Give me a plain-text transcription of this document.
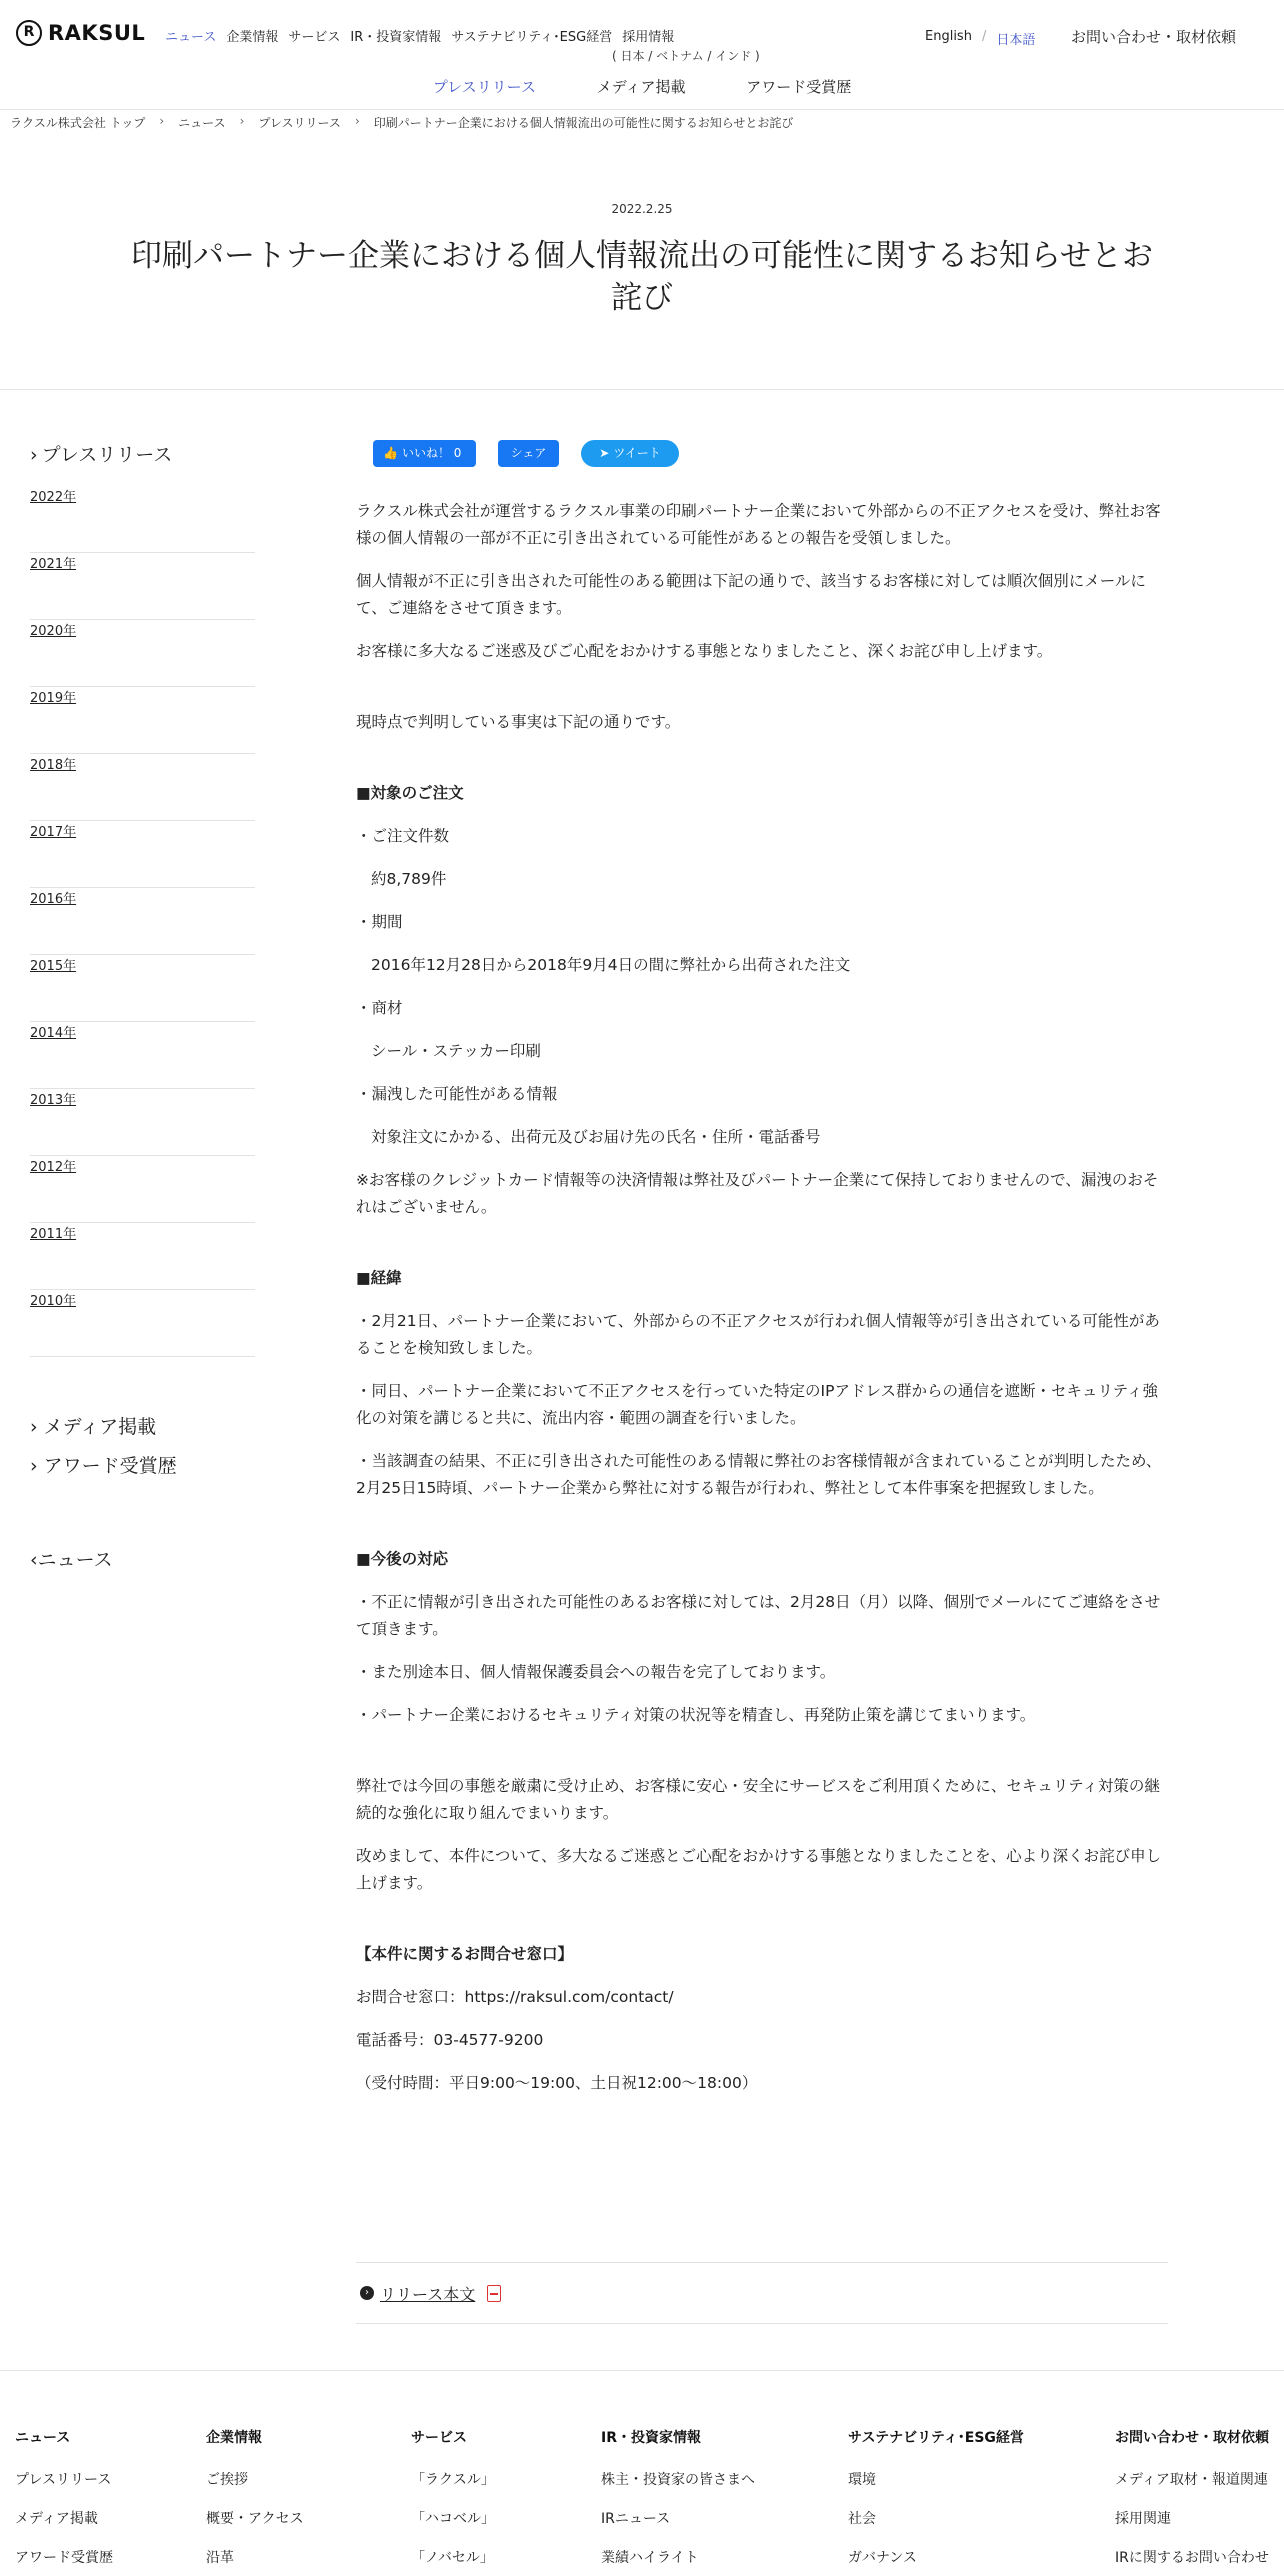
R RAKSUL ニュース 企業情報 サービス IR・投資家情報 サステナビリティ･ESG経営 採用情報
( 日本 / ベトナム / インド )
English / 日本語 お問い合わせ・取材依頼
プレスリリース	メディア掲載	アワード受賞歴
ラクスル株式会社 トップ › ニュース › プレスリリース › 印刷パートナー企業における個人情報流出の可能性に関するお知らせとお詫び
2022.2.25
印刷パートナー企業における個人情報流出の可能性に関するお知らせとお詫び
› プレスリリース
2022年
2021年
2020年
2019年
2018年
2017年
2016年
2015年
2014年
2013年
2012年
2011年
2010年
› メディア掲載
› アワード受賞歴
‹ニュース
👍 いいね！ 0	シェア	➤ ツイート

ラクスル株式会社が運営するラクスル事業の印刷パートナー企業において外部からの不正アクセスを受け、弊社お客様の個人情報の一部が不正に引き出されている可能性があるとの報告を受領しました。

個人情報が不正に引き出された可能性のある範囲は下記の通りで、該当するお客様に対しては順次個別にメールにて、ご連絡をさせて頂きます。

お客様に多大なるご迷惑及びご心配をおかけする事態となりましたこと、深くお詫び申し上げます。

現時点で判明している事実は下記の通りです。

■対象のご注文

・ご注文件数

約8,789件

・期間

2016年12月28日から2018年9月4日の間に弊社から出荷された注文

・商材

シール・ステッカー印刷

・漏洩した可能性がある情報

対象注文にかかる、出荷元及びお届け先の氏名・住所・電話番号

※お客様のクレジットカード情報等の決済情報は弊社及びパートナー企業にて保持しておりませんので、漏洩のおそれはございません。

■経緯

・2月21日、パートナー企業において、外部からの不正アクセスが行われ個人情報等が引き出されている可能性があることを検知致しました。

・同日、パートナー企業において不正アクセスを行っていた特定のIPアドレス群からの通信を遮断・セキュリティ強化の対策を講じると共に、流出内容・範囲の調査を行いました。

・当該調査の結果、不正に引き出された可能性のある情報に弊社のお客様情報が含まれていることが判明したため、2月25日15時頃、パートナー企業から弊社に対する報告が行われ、弊社として本件事案を把握致しました。

■今後の対応

・不正に情報が引き出された可能性のあるお客様に対しては、2月28日（月）以降、個別でメールにてご連絡をさせて頂きます。

・また別途本日、個人情報保護委員会への報告を完了しております。

・パートナー企業におけるセキュリティ対策の状況等を精査し、再発防止策を講じてまいります。

弊社では今回の事態を厳粛に受け止め、お客様に安心・安全にサービスをご利用頂くために、セキュリティ対策の継続的な強化に取り組んでまいります。

改めまして、本件について、多大なるご迷惑とご心配をおかけする事態となりましたことを、心より深くお詫び申し上げます。

【本件に関するお問合せ窓口】

お問合せ窓口：https://raksul.com/contact/

電話番号：03-4577-9200

（受付時間：平日9:00〜19:00、土日祝12:00〜18:00）

› リリース本文
ニュース
プレスリリース
メディア掲載
アワード受賞歴
企業情報
ご挨拶
概要・アクセス
沿革
サービス
「ラクスル」
「ハコベル」
「ノバセル」
IR・投資家情報
株主・投資家の皆さまへ
IRニュース
業績ハイライト
サステナビリティ･ESG経営
環境
社会
ガバナンス
お問い合わせ・取材依頼
メディア取材・報道関連
採用関連
IRに関するお問い合わせ
